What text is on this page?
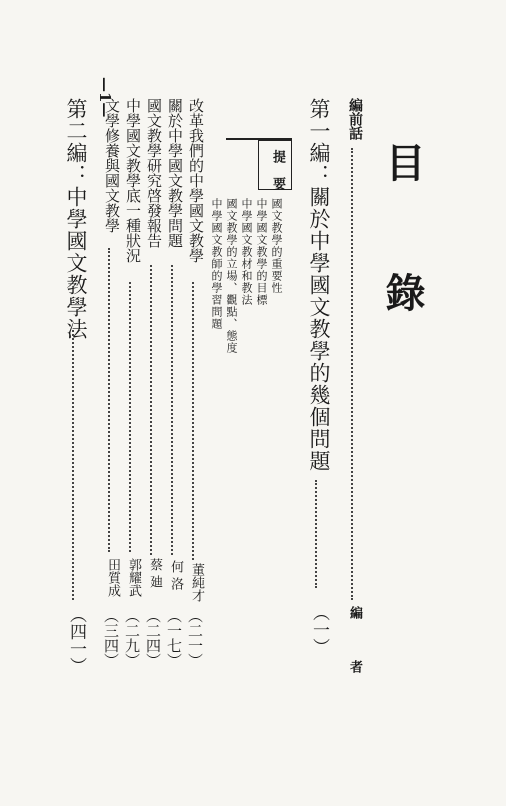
目 錄
—1—
編前話
編
者
第一編：關於中學國文教學的幾個問題
（一）
提要
國文教學的重要性
中學國文教學的目標
中學國文教材和教法
國文教學的立場、觀點、態度
中學國文教師的學習問題
改革我們的中學國文教學
董純才
（二一）
關於中學國文教學問題
何 洛
（一七）
國文教學研究啓發報告
蔡 廸
（二四）
中學國文教學底一種狀況
郭耀武
（二九）
文學修養與國文教學
田質成
（三四）
第二編：中學國文教學法
（四一）
